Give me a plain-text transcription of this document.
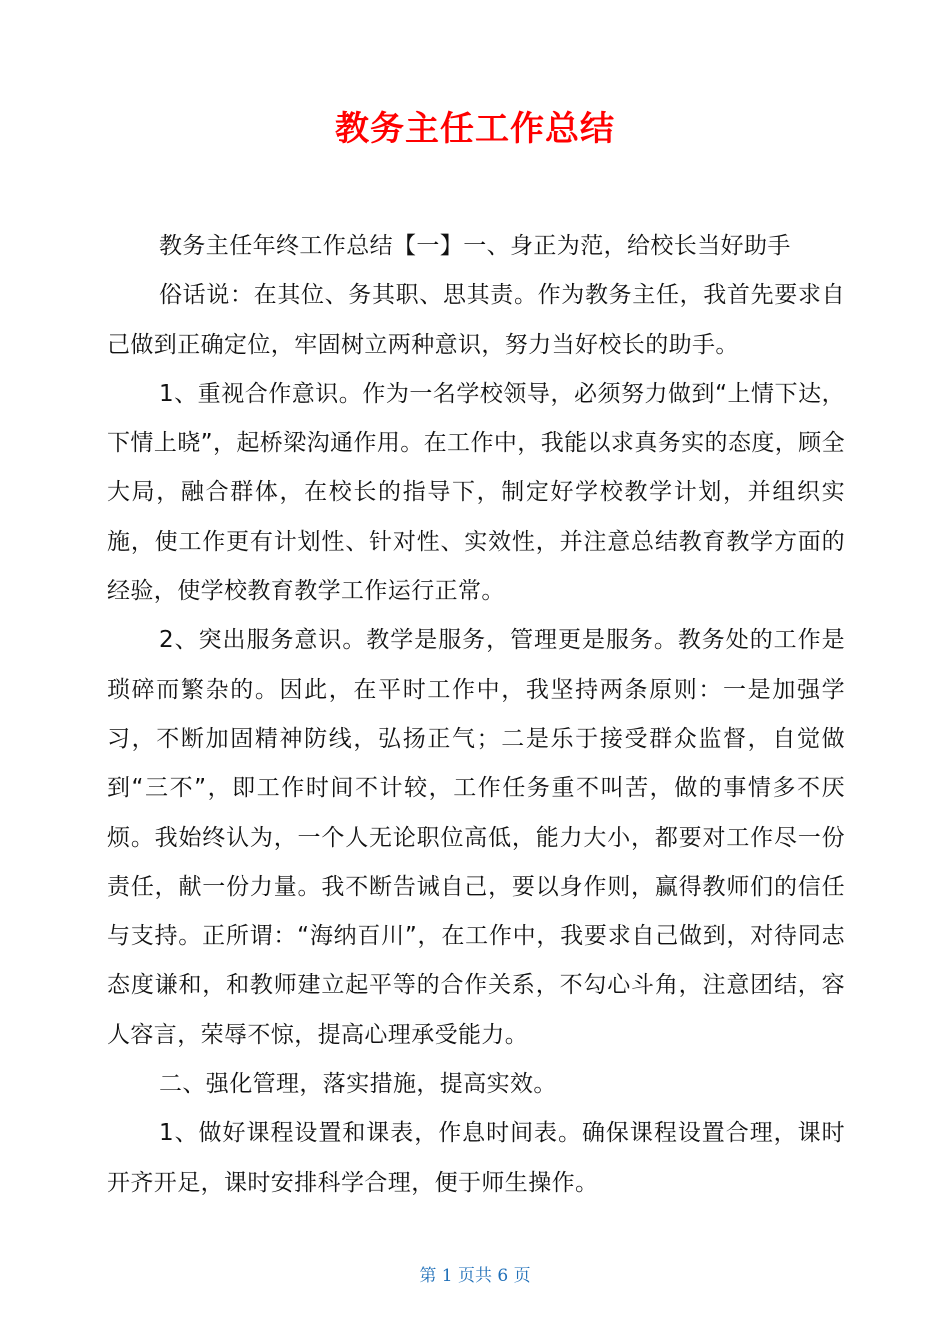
教务主任工作总结

教务主任年终工作总结【一】一、身正为范，给校长当好助手

俗话说：在其位、务其职、思其责。作为教务主任，我首先要求自己做到正确定位，牢固树立两种意识，努力当好校长的助手。

1、重视合作意识。作为一名学校领导，必须努力做到“上情下达，下情上晓”，起桥梁沟通作用。在工作中，我能以求真务实的态度，顾全大局，融合群体，在校长的指导下，制定好学校教学计划，并组织实施，使工作更有计划性、针对性、实效性，并注意总结教育教学方面的经验，使学校教育教学工作运行正常。

2、突出服务意识。教学是服务，管理更是服务。教务处的工作是琐碎而繁杂的。因此，在平时工作中，我坚持两条原则：一是加强学习，不断加固精神防线，弘扬正气；二是乐于接受群众监督，自觉做到“三不”，即工作时间不计较，工作任务重不叫苦，做的事情多不厌烦。我始终认为，一个人无论职位高低，能力大小，都要对工作尽一份责任，献一份力量。我不断告诫自己，要以身作则，赢得教师们的信任与支持。正所谓：“海纳百川”，在工作中，我要求自己做到，对待同志态度谦和，和教师建立起平等的合作关系，不勾心斗角，注意团结，容人容言，荣辱不惊，提高心理承受能力。

二、强化管理，落实措施，提高实效。

1、做好课程设置和课表，作息时间表。确保课程设置合理，课时开齐开足，课时安排科学合理，便于师生操作。

第 1 页共 6 页
